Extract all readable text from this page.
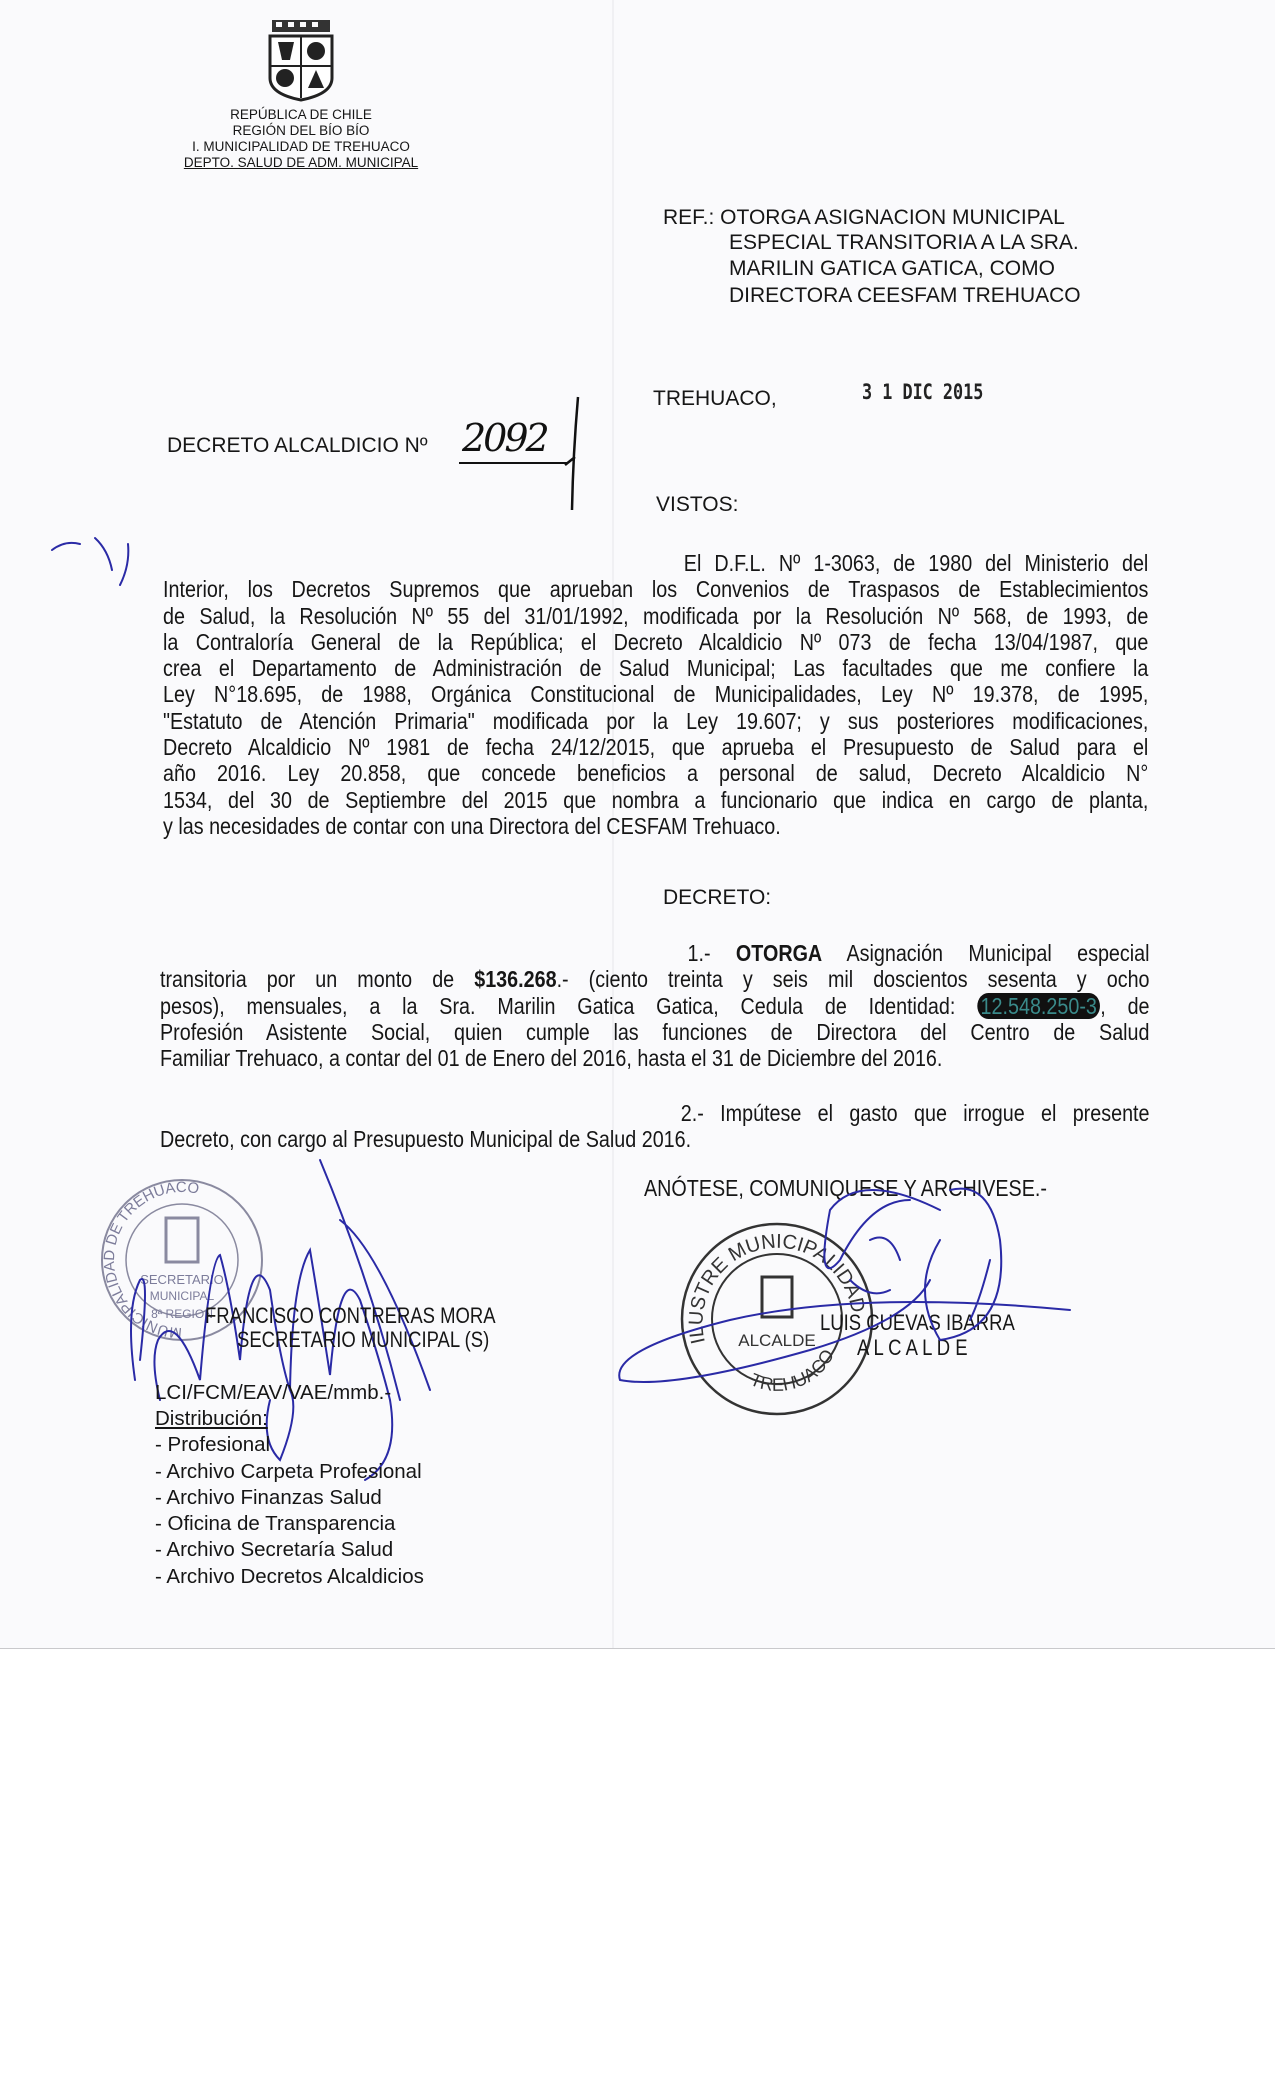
REPÚBLICA DE CHILE
REGIÓN DEL BÍO BÍO
I. MUNICIPALIDAD DE TREHUACO
DEPTO. SALUD DE ADM. MUNICIPAL
REF.: OTORGA ASIGNACION MUNICIPAL
ESPECIAL TRANSITORIA A LA SRA.
MARILIN GATICA GATICA, COMO
DIRECTORA CEESFAM TREHUACO
TREHUACO,	3 1 DIC 2015
DECRETO ALCALDICIO Nº 2092
VISTOS:
El D.F.L. Nº 1-3063, de 1980 del Ministerio del
Interior, los Decretos Supremos que aprueban los Convenios de Traspasos de Establecimientos
de Salud, la Resolución Nº 55 del 31/01/1992, modificada por la Resolución Nº 568, de 1993, de
la Contraloría General de la República; el Decreto Alcaldicio Nº 073 de fecha 13/04/1987, que
crea el Departamento de Administración de Salud Municipal; Las facultades que me confiere la
Ley N°18.695, de 1988, Orgánica Constitucional de Municipalidades, Ley Nº 19.378, de 1995,
"Estatuto de Atención Primaria" modificada por la Ley 19.607; y sus posteriores modificaciones,
Decreto Alcaldicio Nº 1981 de fecha 24/12/2015, que aprueba el Presupuesto de Salud para el
año 2016. Ley 20.858, que concede beneficios a personal de salud, Decreto Alcaldicio N°
1534, del 30 de Septiembre del 2015 que nombra a funcionario que indica en cargo de planta,
y las necesidades de contar con una Directora del CESFAM Trehuaco.
DECRETO:
1.- OTORGA Asignación Municipal especial
transitoria por un monto de $136.268.- (ciento treinta y seis mil doscientos sesenta y ocho
pesos), mensuales, a la Sra. Marilin Gatica Gatica, Cedula de Identidad: 12.548.250-3 , de
Profesión Asistente Social, quien cumple las funciones de Directora del Centro de Salud
Familiar Trehuaco, a contar del 01 de Enero del 2016, hasta el 31 de Diciembre del 2016.
2.- Impútese el gasto que irrogue el presente
Decreto, con cargo al Presupuesto Municipal de Salud 2016.
ANÓTESE, COMUNIQUESE Y ARCHIVESE.-
MUNICIPALIDAD DE TREHUACO
SECRETARIO
MUNICIPAL
8ª REGION
FRANCISCO CONTRERAS MORA
SECRETARIO MUNICIPAL (S)	ILUSTRE MUNICIPALIDAD
ALCALDE
TREHUACO
LUIS CUEVAS IBARRA
A L C A L D E
LCI/FCM/EAV/VAE/mmb.-
Distribución:
- Profesional
- Archivo Carpeta Profesional
- Archivo Finanzas Salud
- Oficina de Transparencia
- Archivo Secretaría Salud
- Archivo Decretos Alcaldicios
